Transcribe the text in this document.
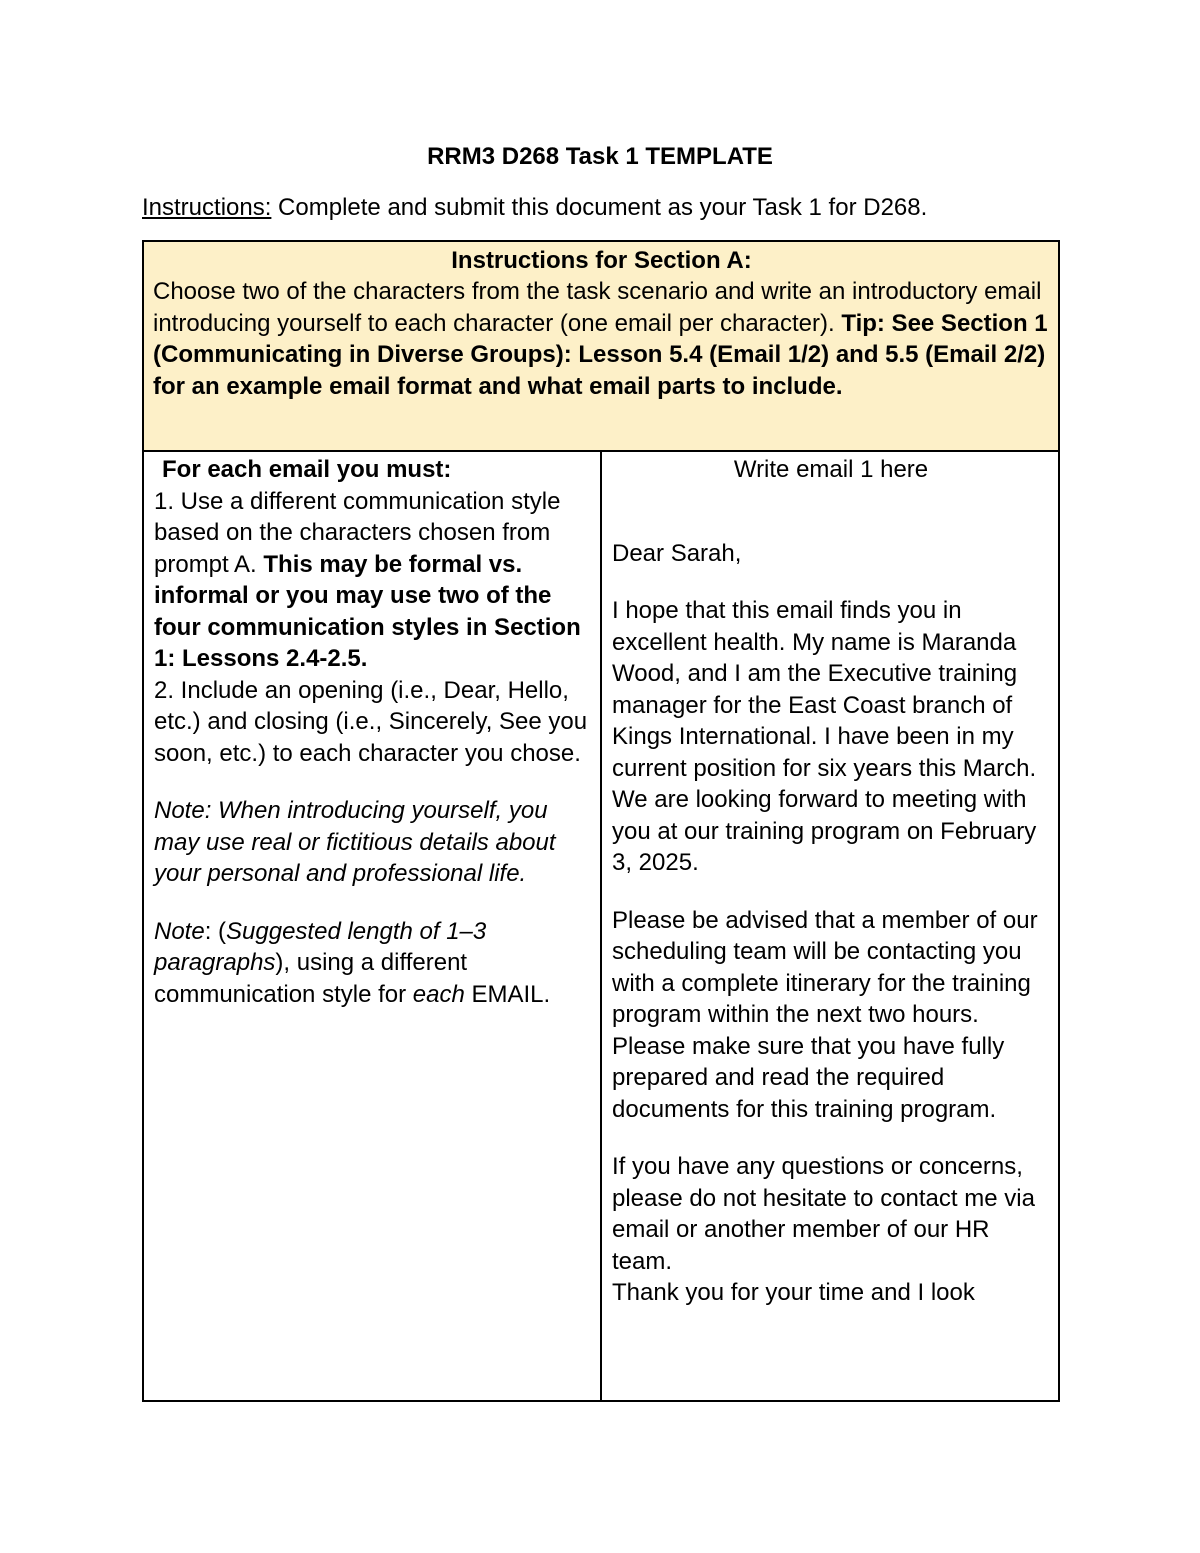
RRM3 D268 Task 1 TEMPLATE
Instructions: Complete and submit this document as your Task 1 for D268.
Instructions for Section A:
Choose two of the characters from the task scenario and write an introductory email introducing yourself to each character (one email per character). Tip: See Section 1 (Communicating in Diverse Groups): Lesson 5.4 (Email 1/2) and 5.5 (Email 2/2) for an example email format and what email parts to include.

For each email you must:

1. Use a different communication style based on the characters chosen from prompt A. This may be formal vs. informal or you may use two of the four communication styles in Section 1: Lessons 2.4-2.5.

2. Include an opening (i.e., Dear, Hello, etc.) and closing (i.e., Sincerely, See you soon, etc.) to each character you chose.

Note: When introducing yourself, you may use real or fictitious details about your personal and professional life.

Note: (Suggested length of 1–3 paragraphs), using a different communication style for each EMAIL.

Write email 1 here

Dear Sarah,

I hope that this email finds you in excellent health. My name is Maranda Wood, and I am the Executive training manager for the East Coast branch of Kings International. I have been in my current position for six years this March. We are looking forward to meeting with you at our training program on February 3, 2025.

Please be advised that a member of our scheduling team will be contacting you with a complete itinerary for the training program within the next two hours. Please make sure that you have fully prepared and read the required documents for this training program.

If you have any questions or concerns, please do not hesitate to contact me via email or another member of our HR team.

Thank you for your time and I look
